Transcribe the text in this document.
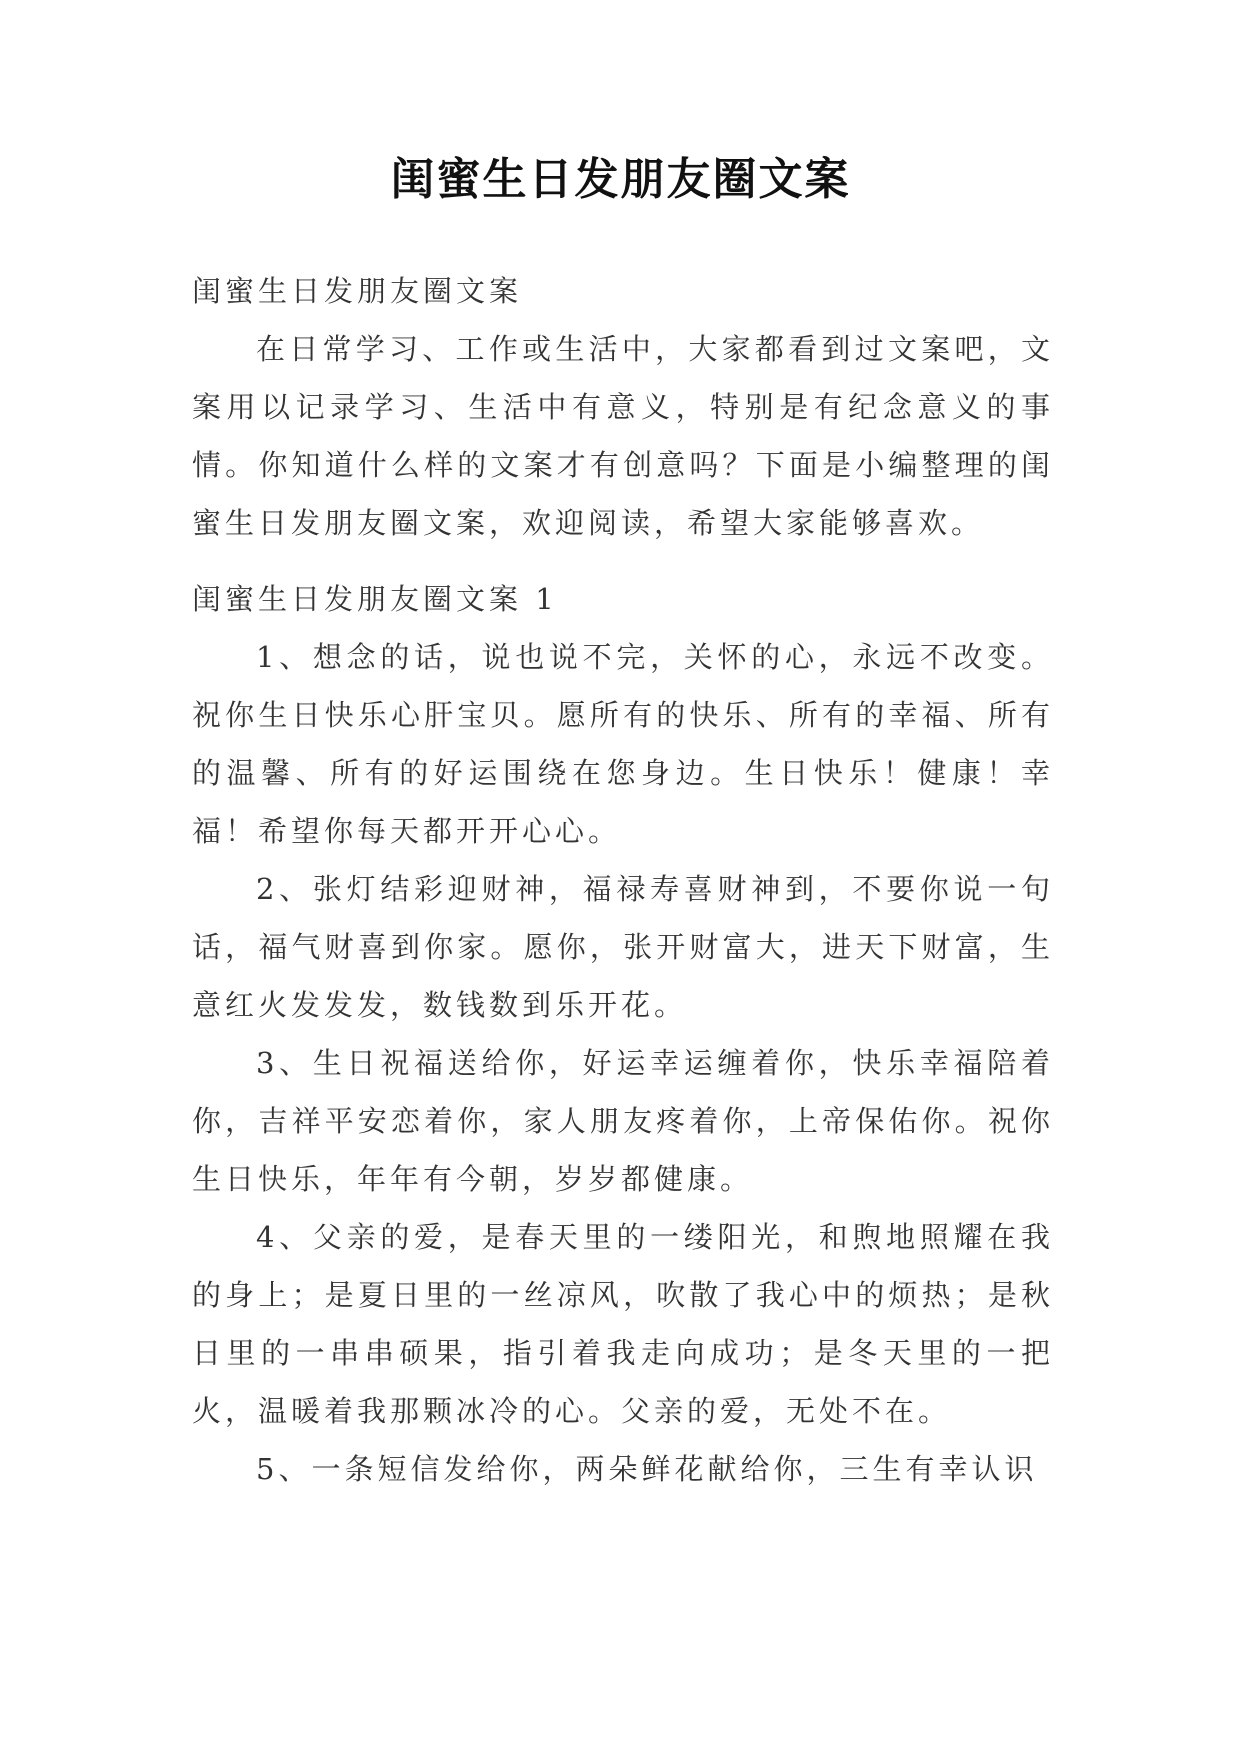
闺蜜生日发朋友圈文案

闺蜜生日发朋友圈文案

在日常学习、工作或生活中，大家都看到过文案吧，文案用以记录学习、生活中有意义，特别是有纪念意义的事情。你知道什么样的文案才有创意吗？下面是小编整理的闺蜜生日发朋友圈文案，欢迎阅读，希望大家能够喜欢。

闺蜜生日发朋友圈文案 1

1、想念的话，说也说不完，关怀的心，永远不改变。祝你生日快乐心肝宝贝。愿所有的快乐、所有的幸福、所有的温馨、所有的好运围绕在您身边。生日快乐！健康！幸福！希望你每天都开开心心。

2、张灯结彩迎财神，福禄寿喜财神到，不要你说一句话，福气财喜到你家。愿你，张开财富大，进天下财富，生意红火发发发，数钱数到乐开花。

3、生日祝福送给你，好运幸运缠着你，快乐幸福陪着你，吉祥平安恋着你，家人朋友疼着你，上帝保佑你。祝你生日快乐，年年有今朝，岁岁都健康。

4、父亲的爱，是春天里的一缕阳光，和煦地照耀在我的身上；是夏日里的一丝凉风，吹散了我心中的烦热；是秋日里的一串串硕果，指引着我走向成功；是冬天里的一把火，温暖着我那颗冰冷的心。父亲的爱，无处不在。

5、一条短信发给你，两朵鲜花献给你，三生有幸认识
